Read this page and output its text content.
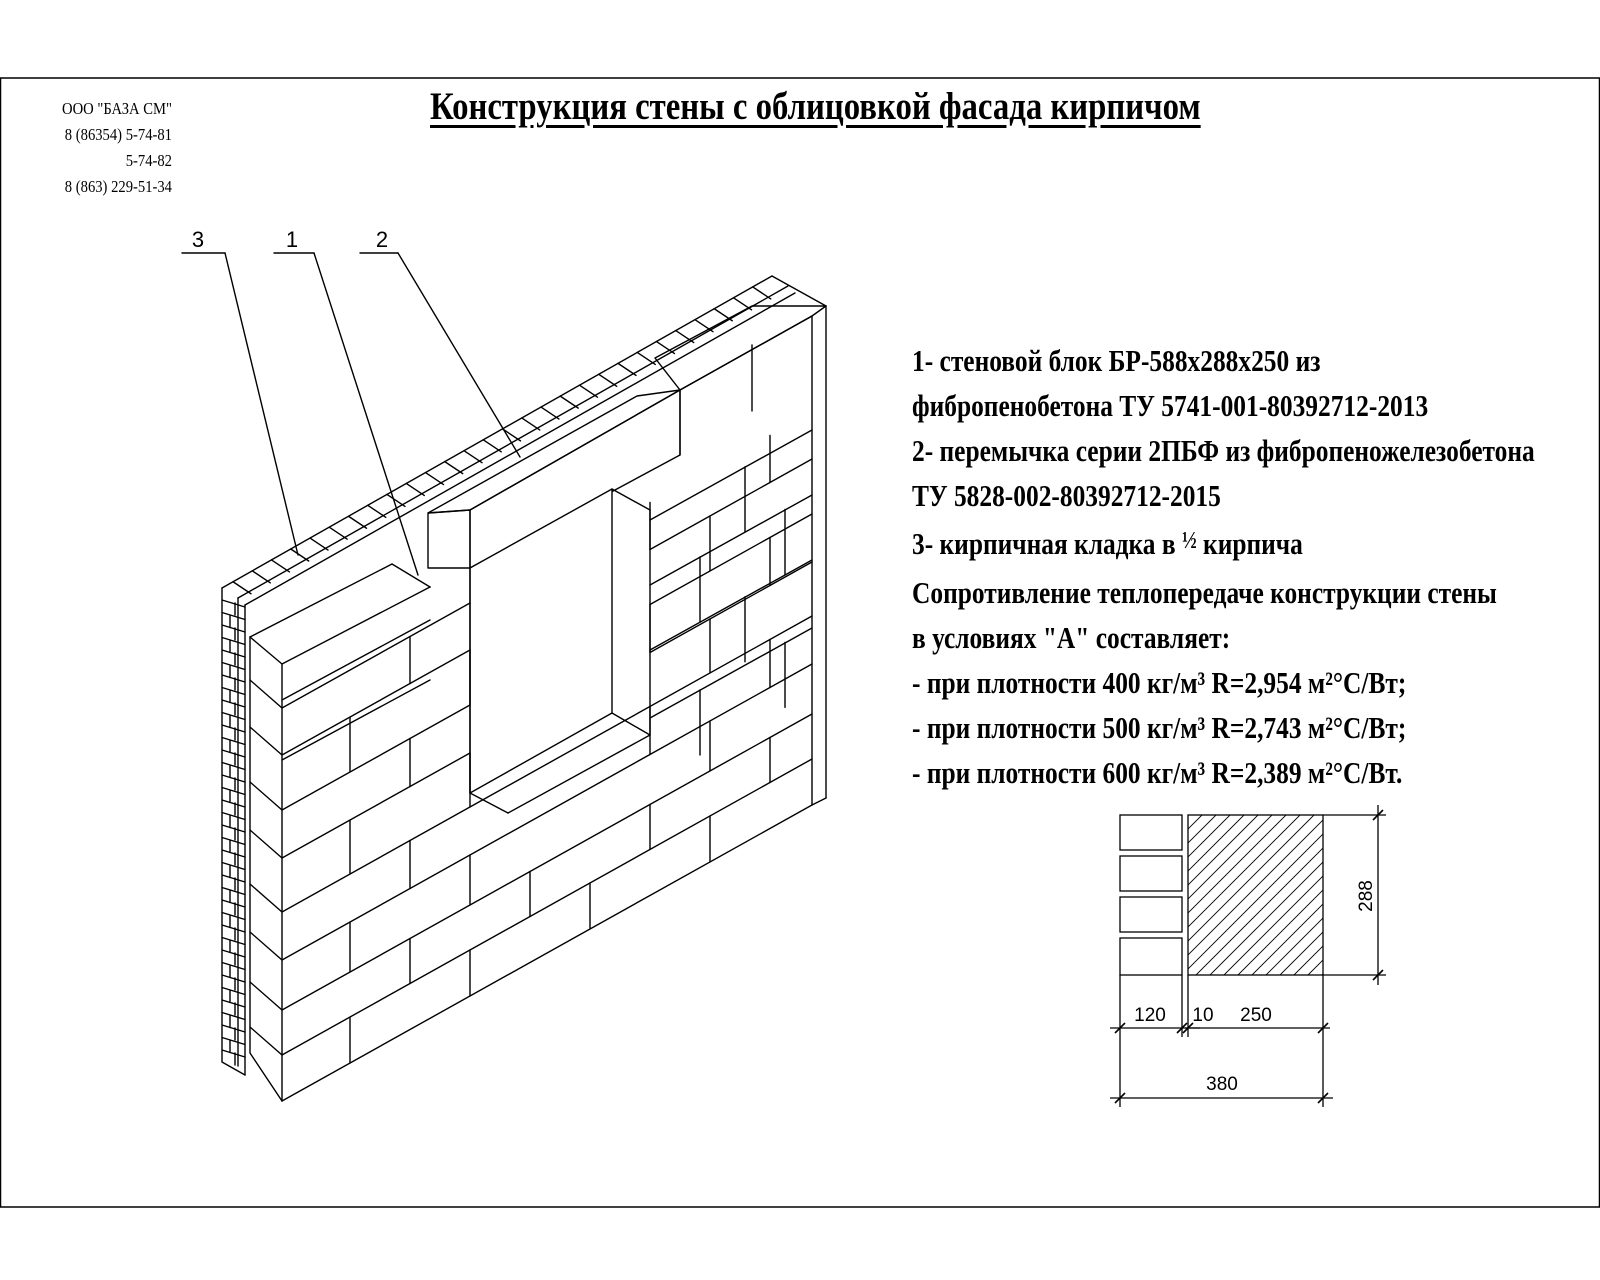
ООО "БАЗА СМ"
8 (86354) 5-74-81
5-74-82
8 (863) 229-51-34
Конструкция стены с облицовкой фасада кирпичом
3	1	2
1- стеновой блок БР-588х288х250 из
фибропенобетона ТУ 5741-001-80392712-2013
2- перемычка серии 2ПБФ из фибропеножелезобетона
ТУ 5828-002-80392712-2015
3- кирпичная кладка в ½ кирпича
Сопротивление теплопередаче конструкции стены
в условиях "А" составляет:
- при плотности 400 кг/м³ R=2,954 м²°С/Вт;
- при плотности 500 кг/м³ R=2,743 м²°С/Вт;
- при плотности 600 кг/м³ R=2,389 м²°С/Вт.
288
120 10 250
380
